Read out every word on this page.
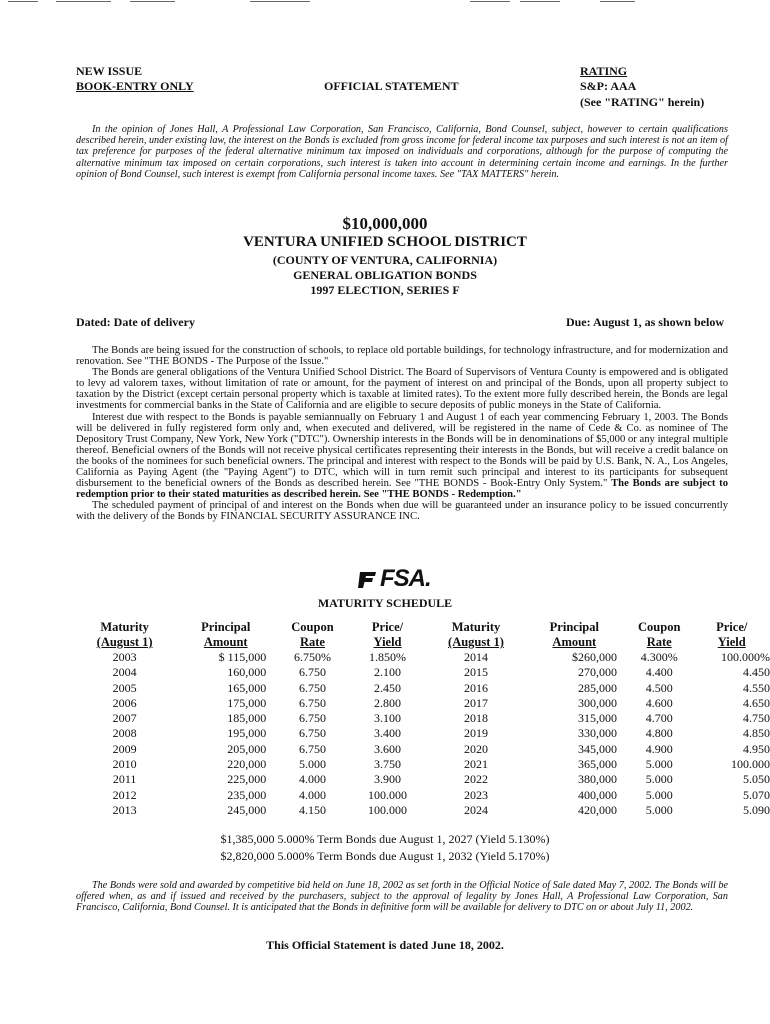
NEW ISSUE
BOOK-ENTRY ONLY	OFFICIAL STATEMENT
RATING
S&P: AAA
(See "RATING" herein)
In the opinion of Jones Hall, A Professional Law Corporation, San Francisco, California, Bond Counsel, subject, however to certain qualifications described herein, under existing law, the interest on the Bonds is excluded from gross income for federal income tax purposes and such interest is not an item of tax preference for purposes of the federal alternative minimum tax imposed on individuals and corporations, although for the purpose of computing the alternative minimum tax imposed on certain corporations, such interest is taken into account in determining certain income and earnings. In the further opinion of Bond Counsel, such interest is exempt from California personal income taxes. See "TAX MATTERS" herein.
$10,000,000
VENTURA UNIFIED SCHOOL DISTRICT
(COUNTY OF VENTURA, CALIFORNIA)
GENERAL OBLIGATION BONDS
1997 ELECTION, SERIES F
Dated: Date of delivery	Due: August 1, as shown below

The Bonds are being issued for the construction of schools, to replace old portable buildings, for technology infrastructure, and for modernization and renovation. See "THE BONDS - The Purpose of the Issue."

The Bonds are general obligations of the Ventura Unified School District. The Board of Supervisors of Ventura County is empowered and is obligated to levy ad valorem taxes, without limitation of rate or amount, for the payment of interest on and principal of the Bonds, upon all property subject to taxation by the District (except certain personal property which is taxable at limited rates). To the extent more fully described herein, the Bonds are legal investments for commercial banks in the State of California and are eligible to secure deposits of public moneys in the State of California.

Interest due with respect to the Bonds is payable semiannually on February 1 and August 1 of each year commencing February 1, 2003. The Bonds will be delivered in fully registered form only and, when executed and delivered, will be registered in the name of Cede & Co. as nominee of The Depository Trust Company, New York, New York ("DTC"). Ownership interests in the Bonds will be in denominations of $5,000 or any integral multiple thereof. Beneficial owners of the Bonds will not receive physical certificates representing their interests in the Bonds, but will receive a credit balance on the books of the nominees for such beneficial owners. The principal and interest with respect to the Bonds will be paid by U.S. Bank, N. A., Los Angeles, California as Paying Agent (the "Paying Agent") to DTC, which will in turn remit such principal and interest to its participants for subsequent disbursement to the beneficial owners of the Bonds as described herein. See "THE BONDS - Book-Entry Only System." The Bonds are subject to redemption prior to their stated maturities as described herein. See "THE BONDS - Redemption."

The scheduled payment of principal of and interest on the Bonds when due will be guaranteed under an insurance policy to be issued concurrently with the delivery of the Bonds by FINANCIAL SECURITY ASSURANCE INC.

FSA.
MATURITY SCHEDULE
Maturity	Principal	Coupon	Price/	Maturity	Principal	Coupon	Price/
(August 1)	Amount	Rate	Yield	(August 1)	Amount	Rate	Yield
2003	$ 115,000	6.750%	1.850%	2014	$260,000	4.300%	100.000%
2004	160,000	6.750	2.100	2015	270,000	4.400	4.450
2005	165,000	6.750	2.450	2016	285,000	4.500	4.550
2006	175,000	6.750	2.800	2017	300,000	4.600	4.650
2007	185,000	6.750	3.100	2018	315,000	4.700	4.750
2008	195,000	6.750	3.400	2019	330,000	4.800	4.850
2009	205,000	6.750	3.600	2020	345,000	4.900	4.950
2010	220,000	5.000	3.750	2021	365,000	5.000	100.000
2011	225,000	4.000	3.900	2022	380,000	5.000	5.050
2012	235,000	4.000	100.000	2023	400,000	5.000	5.070
2013	245,000	4.150	100.000	2024	420,000	5.000	5.090
$1,385,000 5.000% Term Bonds due August 1, 2027 (Yield 5.130%)
$2,820,000 5.000% Term Bonds due August 1, 2032 (Yield 5.170%)
The Bonds were sold and awarded by competitive bid held on June 18, 2002 as set forth in the Official Notice of Sale dated May 7, 2002. The Bonds will be offered when, as and if issued and received by the purchasers, subject to the approval of legality by Jones Hall, A Professional Law Corporation, San Francisco, California, Bond Counsel. It is anticipated that the Bonds in definitive form will be available for delivery to DTC on or about July 11, 2002.
This Official Statement is dated June 18, 2002.
